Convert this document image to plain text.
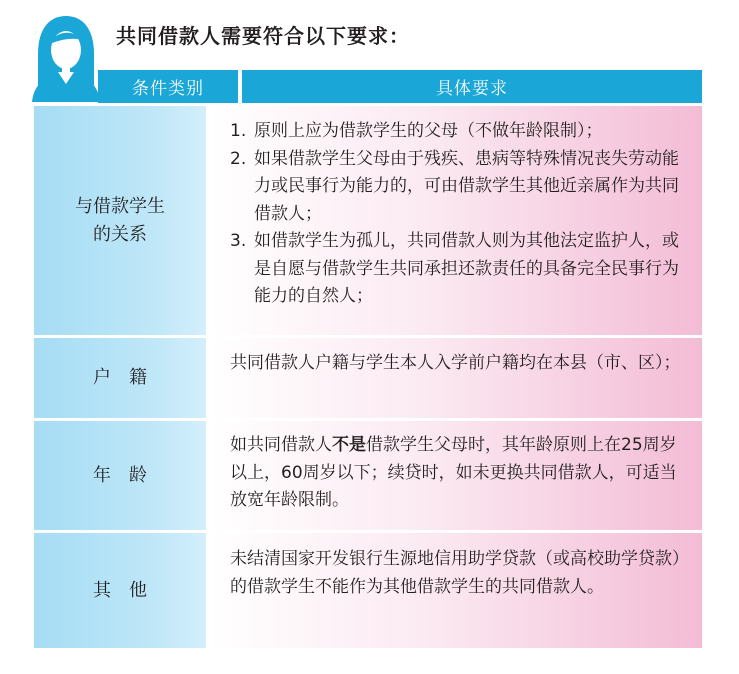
共同借款人需要符合以下要求：
条件类别	具体要求
与借款学生
的关系
1. 原则上应为借款学生的父母（不做年龄限制）；
2. 如果借款学生父母由于残疾、患病等特殊情况丧失劳动能力或民事行为能力的，可由借款学生其他近亲属作为共同借款人；
3. 如借款学生为孤儿，共同借款人则为其他法定监护人，或是自愿与借款学生共同承担还款责任的具备完全民事行为能力的自然人；
户　籍

共同借款人户籍与学生本人入学前户籍均在本县（市、区）；

年　龄

如共同借款人不是借款学生父母时，其年龄原则上在25周岁以上，60周岁以下；续贷时，如未更换共同借款人，可适当放宽年龄限制。

其　他

未结清国家开发银行生源地信用助学贷款（或高校助学贷款）的借款学生不能作为其他借款学生的共同借款人。
